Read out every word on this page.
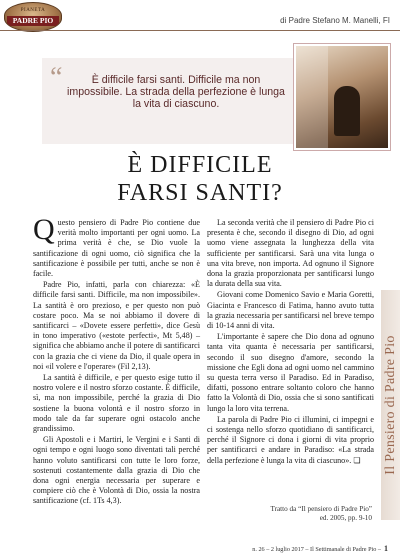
PIANETA
PADRE PIO	di Padre Stefano M. Manelli, FI
“	È difficile farsi santi. Difficile ma non impossibile. La strada della perfezione è lunga la vita di ciascuno.
È DIFFICILE
FARSI SANTI?

Questo pensiero di Padre Pio contiene due verità molto importanti per ogni uomo. La prima verità è che, se Dio vuole la santificazione di ogni uomo, ciò significa che la santificazione è possibile per tutti, anche se non è facile.

Padre Pio, infatti, parla con chiarezza: «È difficile farsi santi. Difficile, ma non impossibile». La santità è oro prezioso, e per questo non può costare poco. Ma se noi abbiamo il dovere di santificarci – «Dovete essere perfetti», dice Gesù in tono imperativo («estote perfecti», Mt 5,48) – significa che abbiamo anche il potere di santificarci con la grazia che ci viene da Dio, il quale opera in noi «il volere e l'operare» (Fil 2,13).

La santità è difficile, e per questo esige tutto il nostro volere e il nostro sforzo costante. È difficile, sì, ma non impossibile, perché la grazia di Dio sostiene la buona volontà e il nostro sforzo in modo tale da far superare ogni ostacolo anche grandissimo.

Gli Apostoli e i Martiri, le Vergini e i Santi di ogni tempo e ogni luogo sono diventati tali perché hanno voluto santificarsi con tutte le loro forze, sostenuti costantemente dalla grazia di Dio che dona ogni energia necessaria per superare e compiere ciò che è Volontà di Dio, ossia la nostra santificazione (cf. 1Ts 4,3).

La seconda verità che il pensiero di Padre Pio ci presenta è che, secondo il disegno di Dio, ad ogni uomo viene assegnata la lunghezza della vita sufficiente per santificarsi. Sarà una vita lunga o una vita breve, non importa. Ad ognuno il Signore dona la grazia proporzionata per santificarsi lungo la durata della sua vita.

Giovani come Domenico Savio e Maria Goretti, Giacinta e Francesco di Fatima, hanno avuto tutta la grazia necessaria per santificarsi nel breve tempo di 10-14 anni di vita.

L'importante è sapere che Dio dona ad ognuno tanta vita quanta è necessaria per santificarsi, secondo il suo disegno d'amore, secondo la missione che Egli dona ad ogni uomo nel cammino su questa terra verso il Paradiso. Ed in Paradiso, difatti, possono entrare soltanto coloro che hanno fatto la Volontà di Dio, ossia che si sono santificati lungo la loro vita terrena.

La parola di Padre Pio ci illumini, ci impegni e ci sostenga nello sforzo quotidiano di santificarci, perché il Signore ci dona i giorni di vita proprio per santificarci e andare in Paradiso: «La strada della perfezione è lunga la vita di ciascuno». ❏

Tratto da “Il pensiero di Padre Pio”
ed. 2005, pp. 9-10
Il Pensiero di Padre Pio
n. 26 – 2 luglio 2017 – Il Settimanale di Padre Pio – 1
